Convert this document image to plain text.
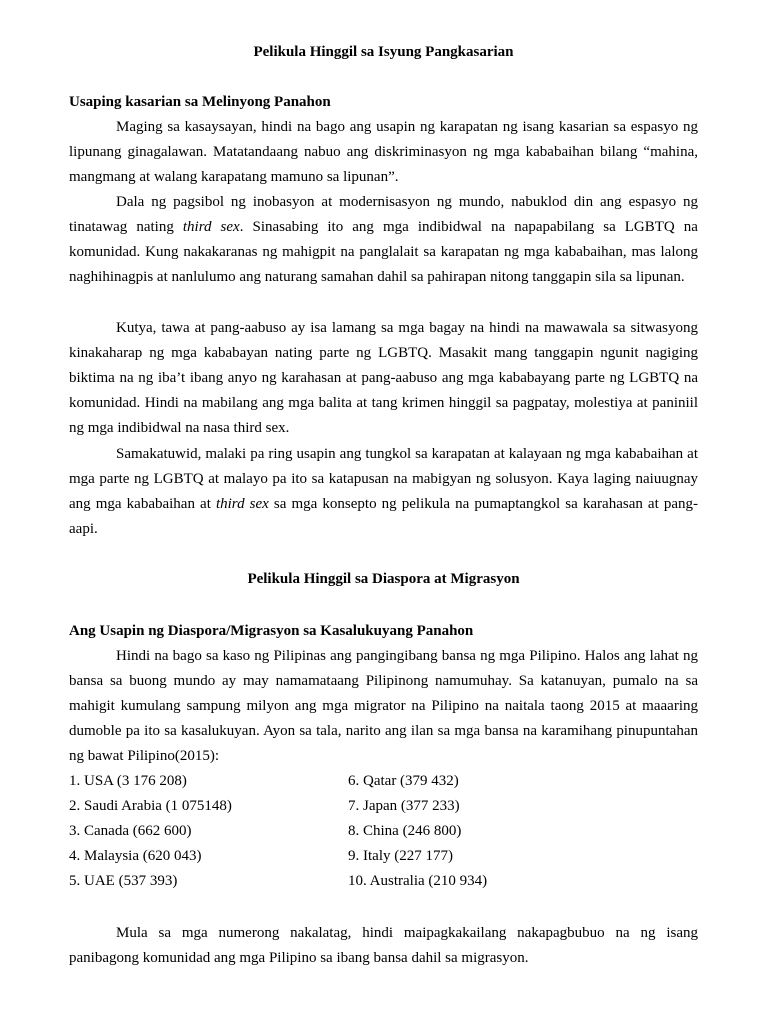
Pelikula Hinggil sa Isyung Pangkasarian
Usaping kasarian sa Melinyong Panahon
Maging sa kasaysayan, hindi na bago ang usapin ng karapatan ng isang kasarian sa espasyo ng lipunang ginagalawan. Matatandaang nabuo ang diskriminasyon ng mga kababaihan bilang “mahina, mangmang at walang karapatang mamuno sa lipunan”.
Dala ng pagsibol ng inobasyon at modernisasyon ng mundo, nabuklod din ang espasyo ng tinatawag nating third sex. Sinasabing ito ang mga indibidwal na napapabilang sa LGBTQ na komunidad. Kung nakakaranas ng mahigpit na panglalait sa karapatan ng mga kababaihan, mas lalong naghihinagpis at nanlulumo ang naturang samahan dahil sa pahirapan nitong tanggapin sila sa lipunan.
Kutya, tawa at pang-aabuso ay isa lamang sa mga bagay na hindi na mawawala sa sitwasyong kinakaharap ng mga kababayan nating parte ng LGBTQ. Masakit mang tanggapin ngunit nagiging biktima na ng iba’t ibang anyo ng karahasan at pang-aabuso ang mga kababayang parte ng LGBTQ na komunidad. Hindi na mabilang ang mga balita at tang krimen hinggil sa pagpatay, molestiya at paniniil ng mga indibidwal na nasa third sex.
Samakatuwid, malaki pa ring usapin ang tungkol sa karapatan at kalayaan ng mga kababaihan at mga parte ng LGBTQ at malayo pa ito sa katapusan na mabigyan ng solusyon. Kaya laging naiuugnay ang mga kababaihan at third sex sa mga konsepto ng pelikula na pumaptangkol sa karahasan at pang-aapi.
Pelikula Hinggil sa Diaspora at Migrasyon
Ang Usapin ng Diaspora/Migrasyon sa Kasalukuyang Panahon
Hindi na bago sa kaso ng Pilipinas ang pangingibang bansa ng mga Pilipino. Halos ang lahat ng bansa sa buong mundo ay may namamataang Pilipinong namumuhay. Sa katanuyan, pumalo na sa mahigit kumulang sampung milyon ang mga migrator na Pilipino na naitala taong 2015 at maaaring dumoble pa ito sa kasalukuyan. Ayon sa tala, narito ang ilan sa mga bansa na karamihang pinupuntahan ng bawat Pilipino(2015):
1. USA (3 176 208)	6. Qatar (379 432)
2. Saudi Arabia (1 075148)	7. Japan (377 233)
3. Canada (662 600)	8. China (246 800)
4. Malaysia (620 043)	9. Italy (227 177)
5. UAE (537 393)	10. Australia (210 934)
Mula sa mga numerong nakalatag, hindi maipagkakailang nakapagbubuo na ng isang panibagong komunidad ang mga Pilipino sa ibang bansa dahil sa migrasyon.
